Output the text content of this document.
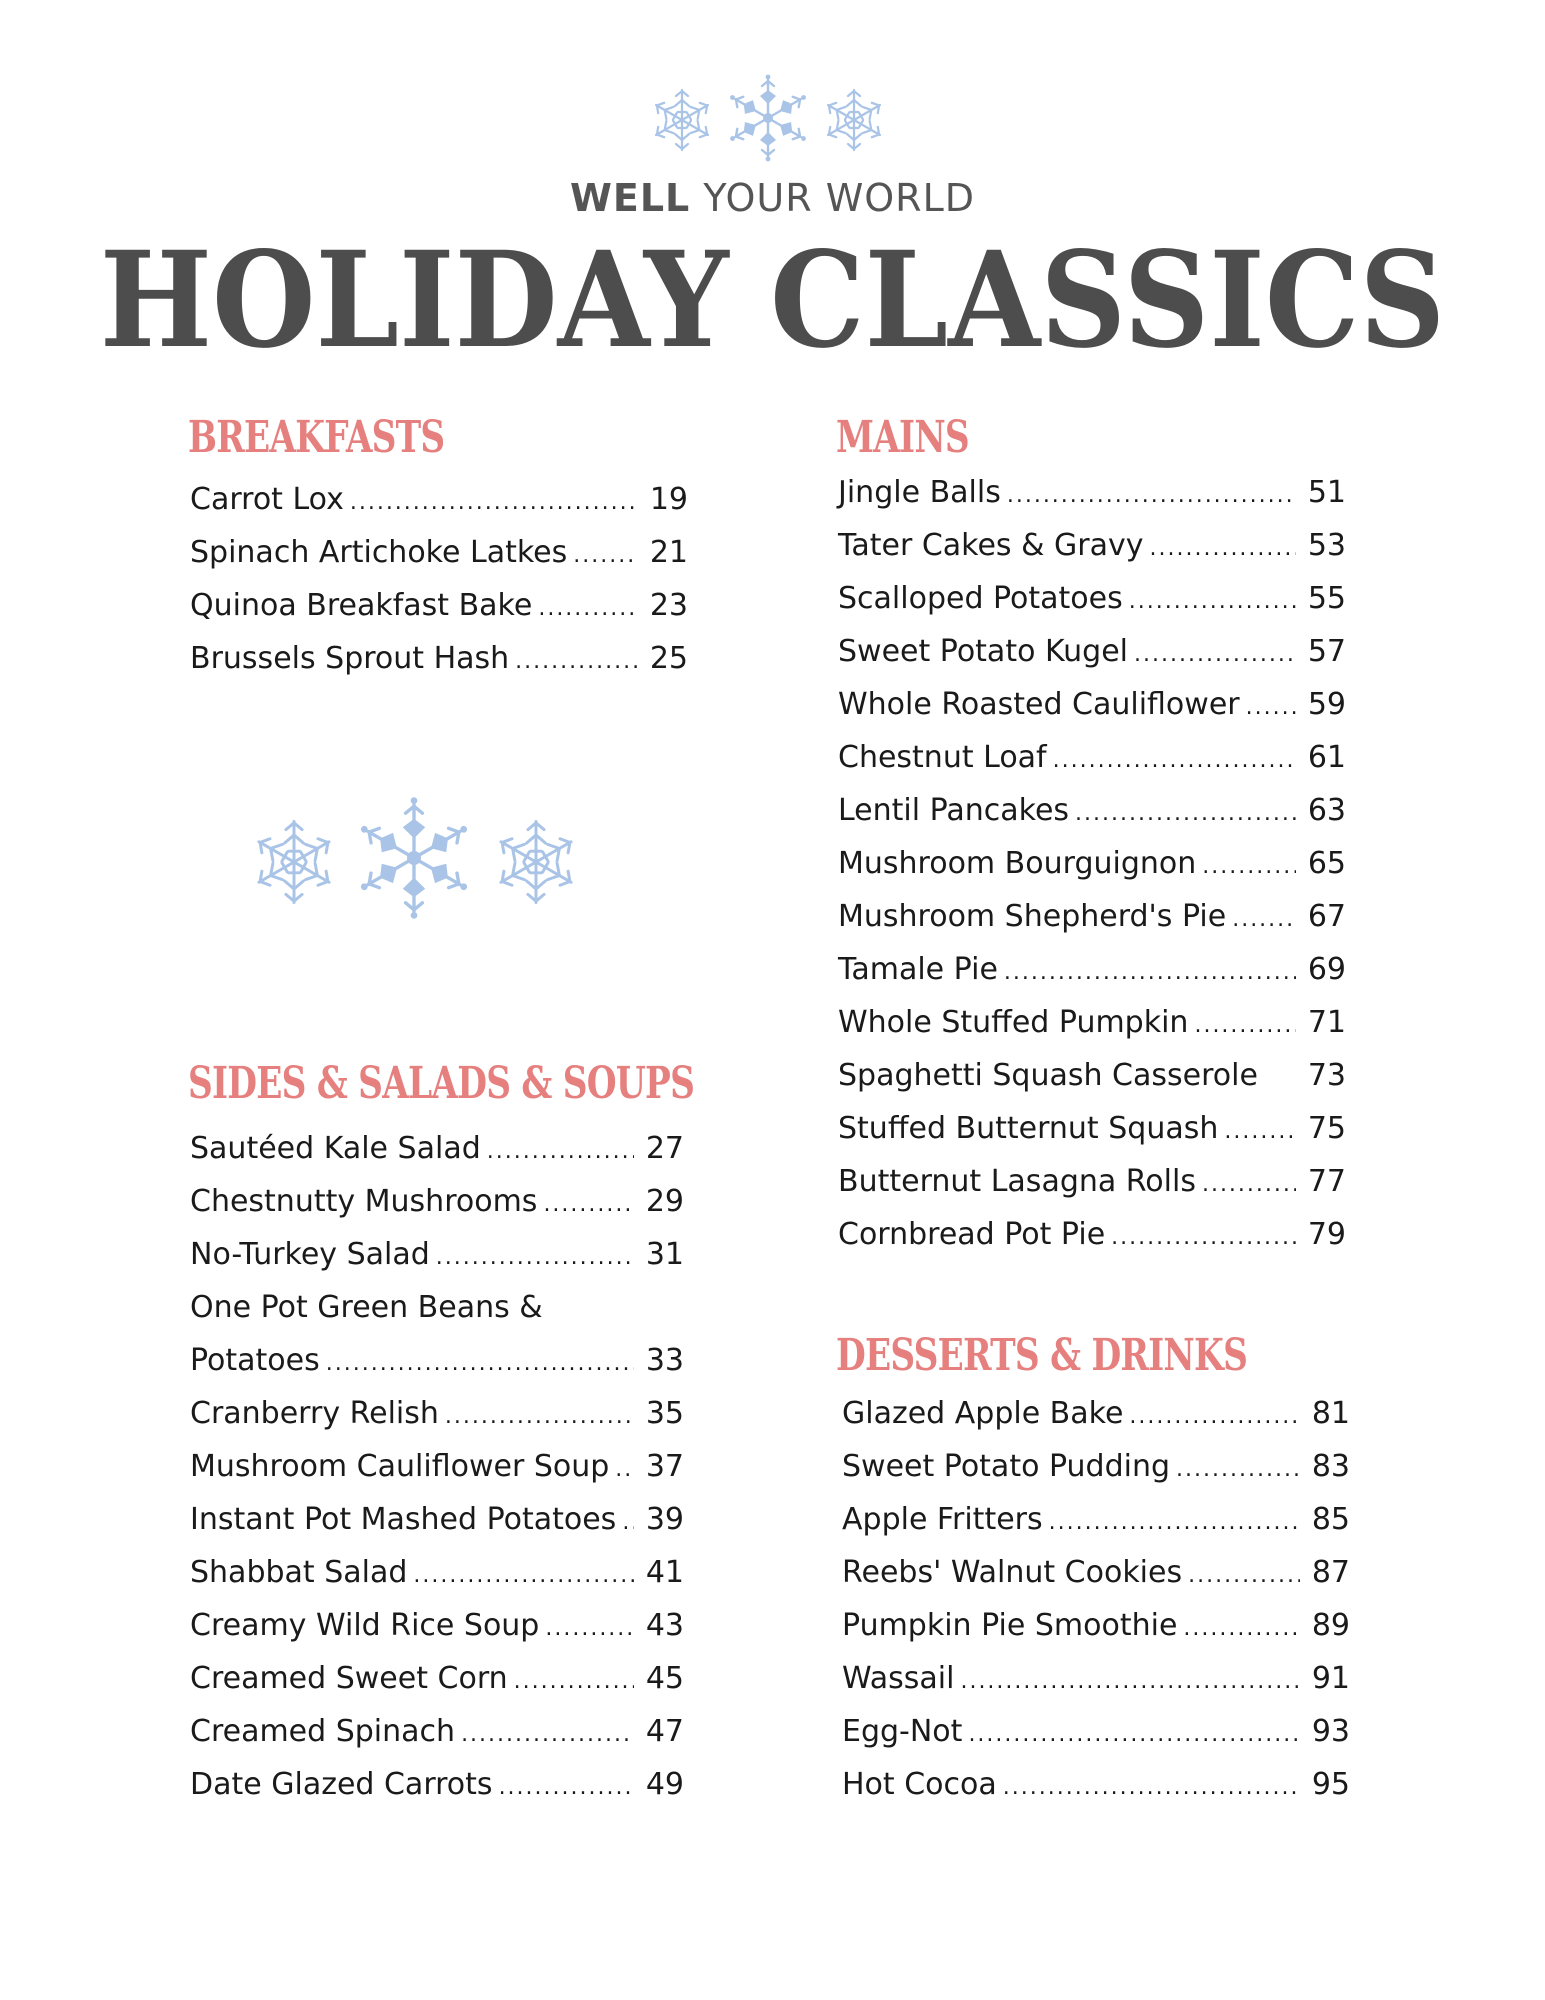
WELL YOUR WORLD
HOLIDAY CLASSICS
BREAKFASTS
Carrot Lox .....	19
Spinach Artichoke Latkes .....	21
Quinoa Breakfast Bake .....	23
Brussels Sprout Hash .....	25
SIDES & SALADS & SOUPS
Sautéed Kale Salad .....	27
Chestnutty Mushrooms .....	29
No-Turkey Salad .....	31
One Pot Green Beans &
Potatoes .....	33
Cranberry Relish .....	35
Mushroom Cauliflower Soup ..... 37
Instant Pot Mashed Potatoes ..... 39
Shabbat Salad .....	41
Creamy Wild Rice Soup .....	43
Creamed Sweet Corn .....	45
Creamed Spinach .....	47
Date Glazed Carrots .....	49
MAINS
Jingle Balls .....	51
Tater Cakes & Gravy .....	53
Scalloped Potatoes .....	55
Sweet Potato Kugel .....	57
Whole Roasted Cauliflower ..... 59
Chestnut Loaf .....	61
Lentil Pancakes .....	63
Mushroom Bourguignon .....	65
Mushroom Shepherd's Pie .....	67
Tamale Pie .....	69
Whole Stuffed Pumpkin .....	71
Spaghetti Squash Casserole 73
Stuffed Butternut Squash .....	75
Butternut Lasagna Rolls .....	77
Cornbread Pot Pie .....	79
DESSERTS & DRINKS
Glazed Apple Bake .....	81
Sweet Potato Pudding .....	83
Apple Fritters .....	85
Reebs' Walnut Cookies .....	87
Pumpkin Pie Smoothie .....	89
Wassail .....	91
Egg-Not .....	93
Hot Cocoa .....	95
